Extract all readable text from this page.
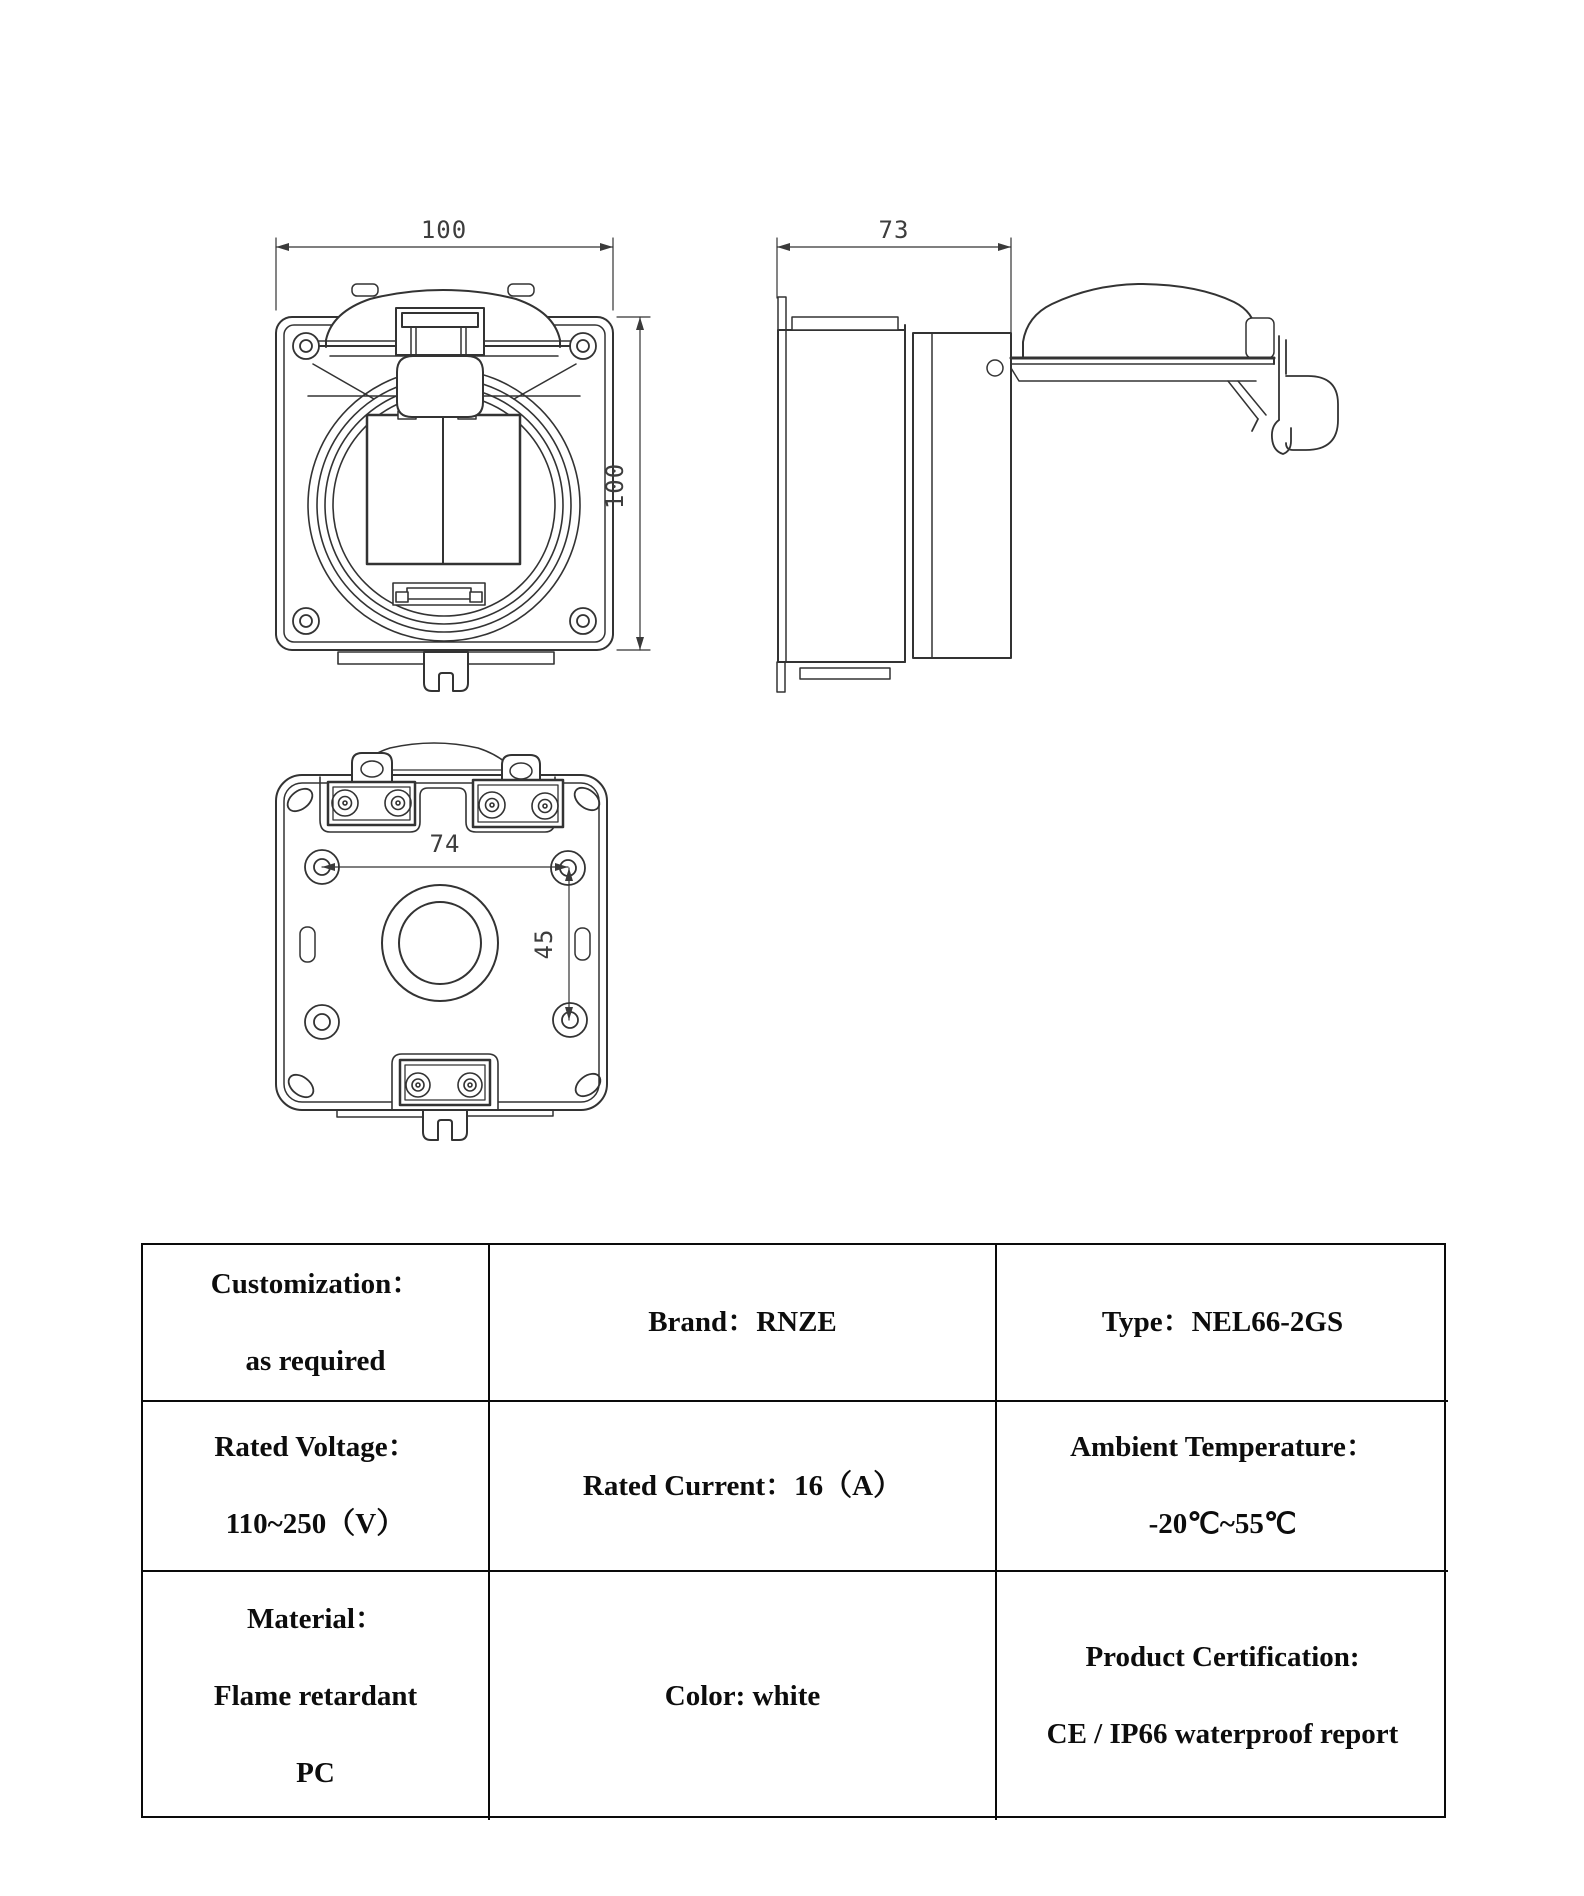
100
100
73
74
45
Customization：
as required
Brand：RNZE	Type：NEL66-2GS
Rated Voltage：
110~250（V）
Rated Current：16（A）
Ambient Temperature：
-20℃~55℃
Material：
Flame retardant
PC
Color: white
Product Certification:
CE / IP66 waterproof report
